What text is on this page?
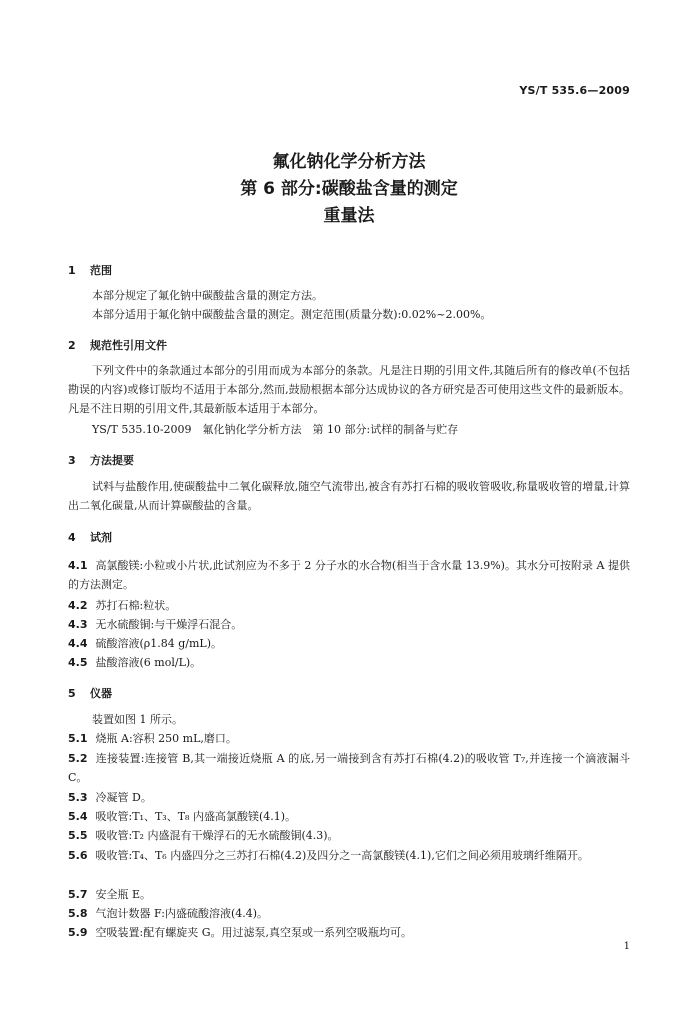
YS/T 535.6—2009
氟化钠化学分析方法
第 6 部分:碳酸盐含量的测定
重量法
1 范围
本部分规定了氟化钠中碳酸盐含量的测定方法。
本部分适用于氟化钠中碳酸盐含量的测定。测定范围(质量分数):0.02%~2.00%。
2 规范性引用文件
下列文件中的条款通过本部分的引用而成为本部分的条款。凡是注日期的引用文件,其随后所有的修改单(不包括勘误的内容)或修订版均不适用于本部分,然而,鼓励根据本部分达成协议的各方研究是否可使用这些文件的最新版本。凡是不注日期的引用文件,其最新版本适用于本部分。
YS/T 535.10-2009　氟化钠化学分析方法　第 10 部分:试样的制备与贮存
3 方法提要
试料与盐酸作用,使碳酸盐中二氧化碳释放,随空气流带出,被含有苏打石棉的吸收管吸收,称量吸收管的增量,计算出二氧化碳量,从而计算碳酸盐的含量。
4 试剂
4.1 高氯酸镁:小粒或小片状,此试剂应为不多于 2 分子水的水合物(相当于含水量 13.9%)。其水分可按附录 A 提供的方法测定。
4.2 苏打石棉:粒状。
4.3 无水硫酸铜:与干燥浮石混合。
4.4 硫酸溶液(ρ1.84 g/mL)。
4.5 盐酸溶液(6 mol/L)。
5 仪器
装置如图 1 所示。
5.1 烧瓶 A:容积 250 mL,磨口。
5.2 连接装置:连接管 B,其一端接近烧瓶 A 的底,另一端接到含有苏打石棉(4.2)的吸收管 T₇,并连接一个滴液漏斗 C。
5.3 冷凝管 D。
5.4 吸收管:T₁、T₃、T₈ 内盛高氯酸镁(4.1)。
5.5 吸收管:T₂ 内盛混有干燥浮石的无水硫酸铜(4.3)。
5.6 吸收管:T₄、T₆ 内盛四分之三苏打石棉(4.2)及四分之一高氯酸镁(4.1),它们之间必须用玻璃纤维隔开。
5.7 安全瓶 E。
5.8 气泡计数器 F:内盛硫酸溶液(4.4)。
5.9 空吸装置:配有螺旋夹 G。用过滤泵,真空泵或一系列空吸瓶均可。
1
